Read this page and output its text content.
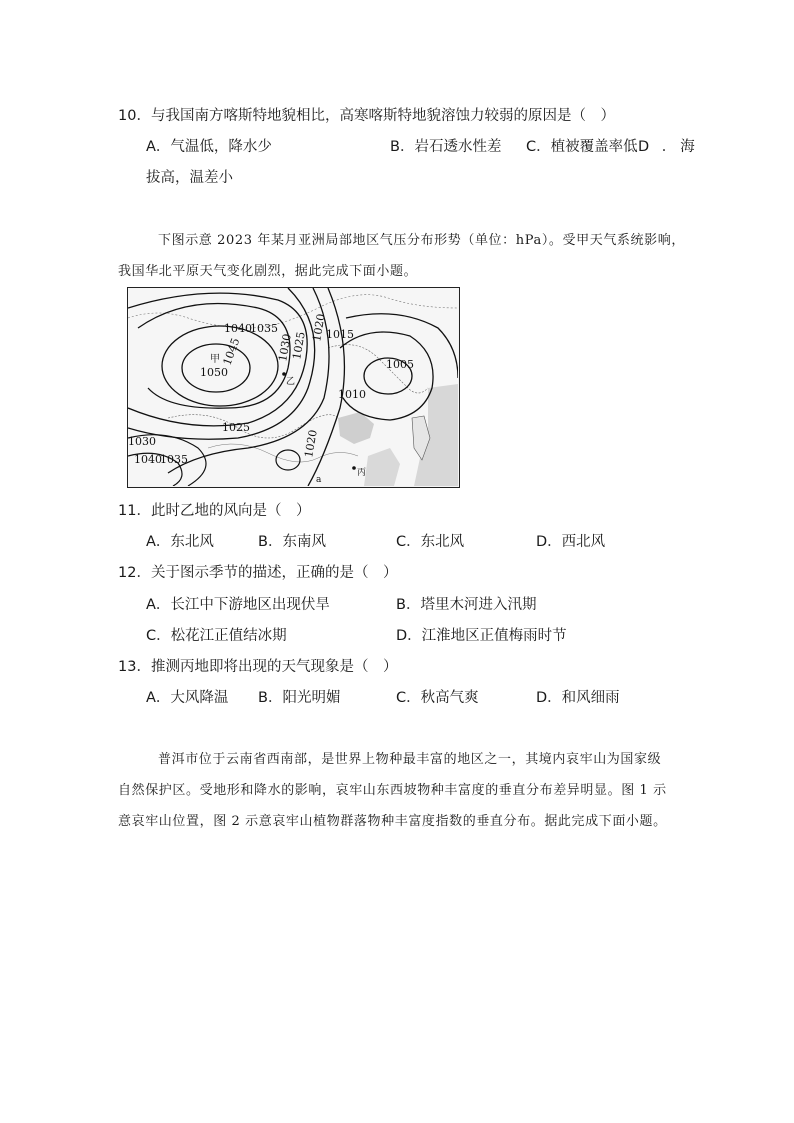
10．与我国南方喀斯特地貌相比，高寒喀斯特地貌溶蚀力较弱的原因是（　）
A．气温低，降水少	B．岩石透水性差 C．植被覆盖率低 D ．海
拔高，温差小
下图示意 2023 年某月亚洲局部地区气压分布形势（单位：hPa）。受甲天气系统影响，
我国华北平原天气变化剧烈，据此完成下面小题。
1040
1035
1045
1050
1030
1025
1020
1015
1005
1010
1025
1030
1040
1035
1020
甲
乙
丙
a
11．此时乙地的风向是（　）
A．东北风	B．东南风	C．东北风	D．西北风
12．关于图示季节的描述，正确的是（　）
A．长江中下游地区出现伏旱	B．塔里木河进入汛期
C．松花江正值结冰期	D．江淮地区正值梅雨时节
13．推测丙地即将出现的天气现象是（　）
A．大风降温 B．阳光明媚	C．秋高气爽	D．和风细雨
普洱市位于云南省西南部，是世界上物种最丰富的地区之一，其境内哀牢山为国家级
自然保护区。受地形和降水的影响，哀牢山东西坡物种丰富度的垂直分布差异明显。图 1 示
意哀牢山位置，图 2 示意哀牢山植物群落物种丰富度指数的垂直分布。据此完成下面小题。
